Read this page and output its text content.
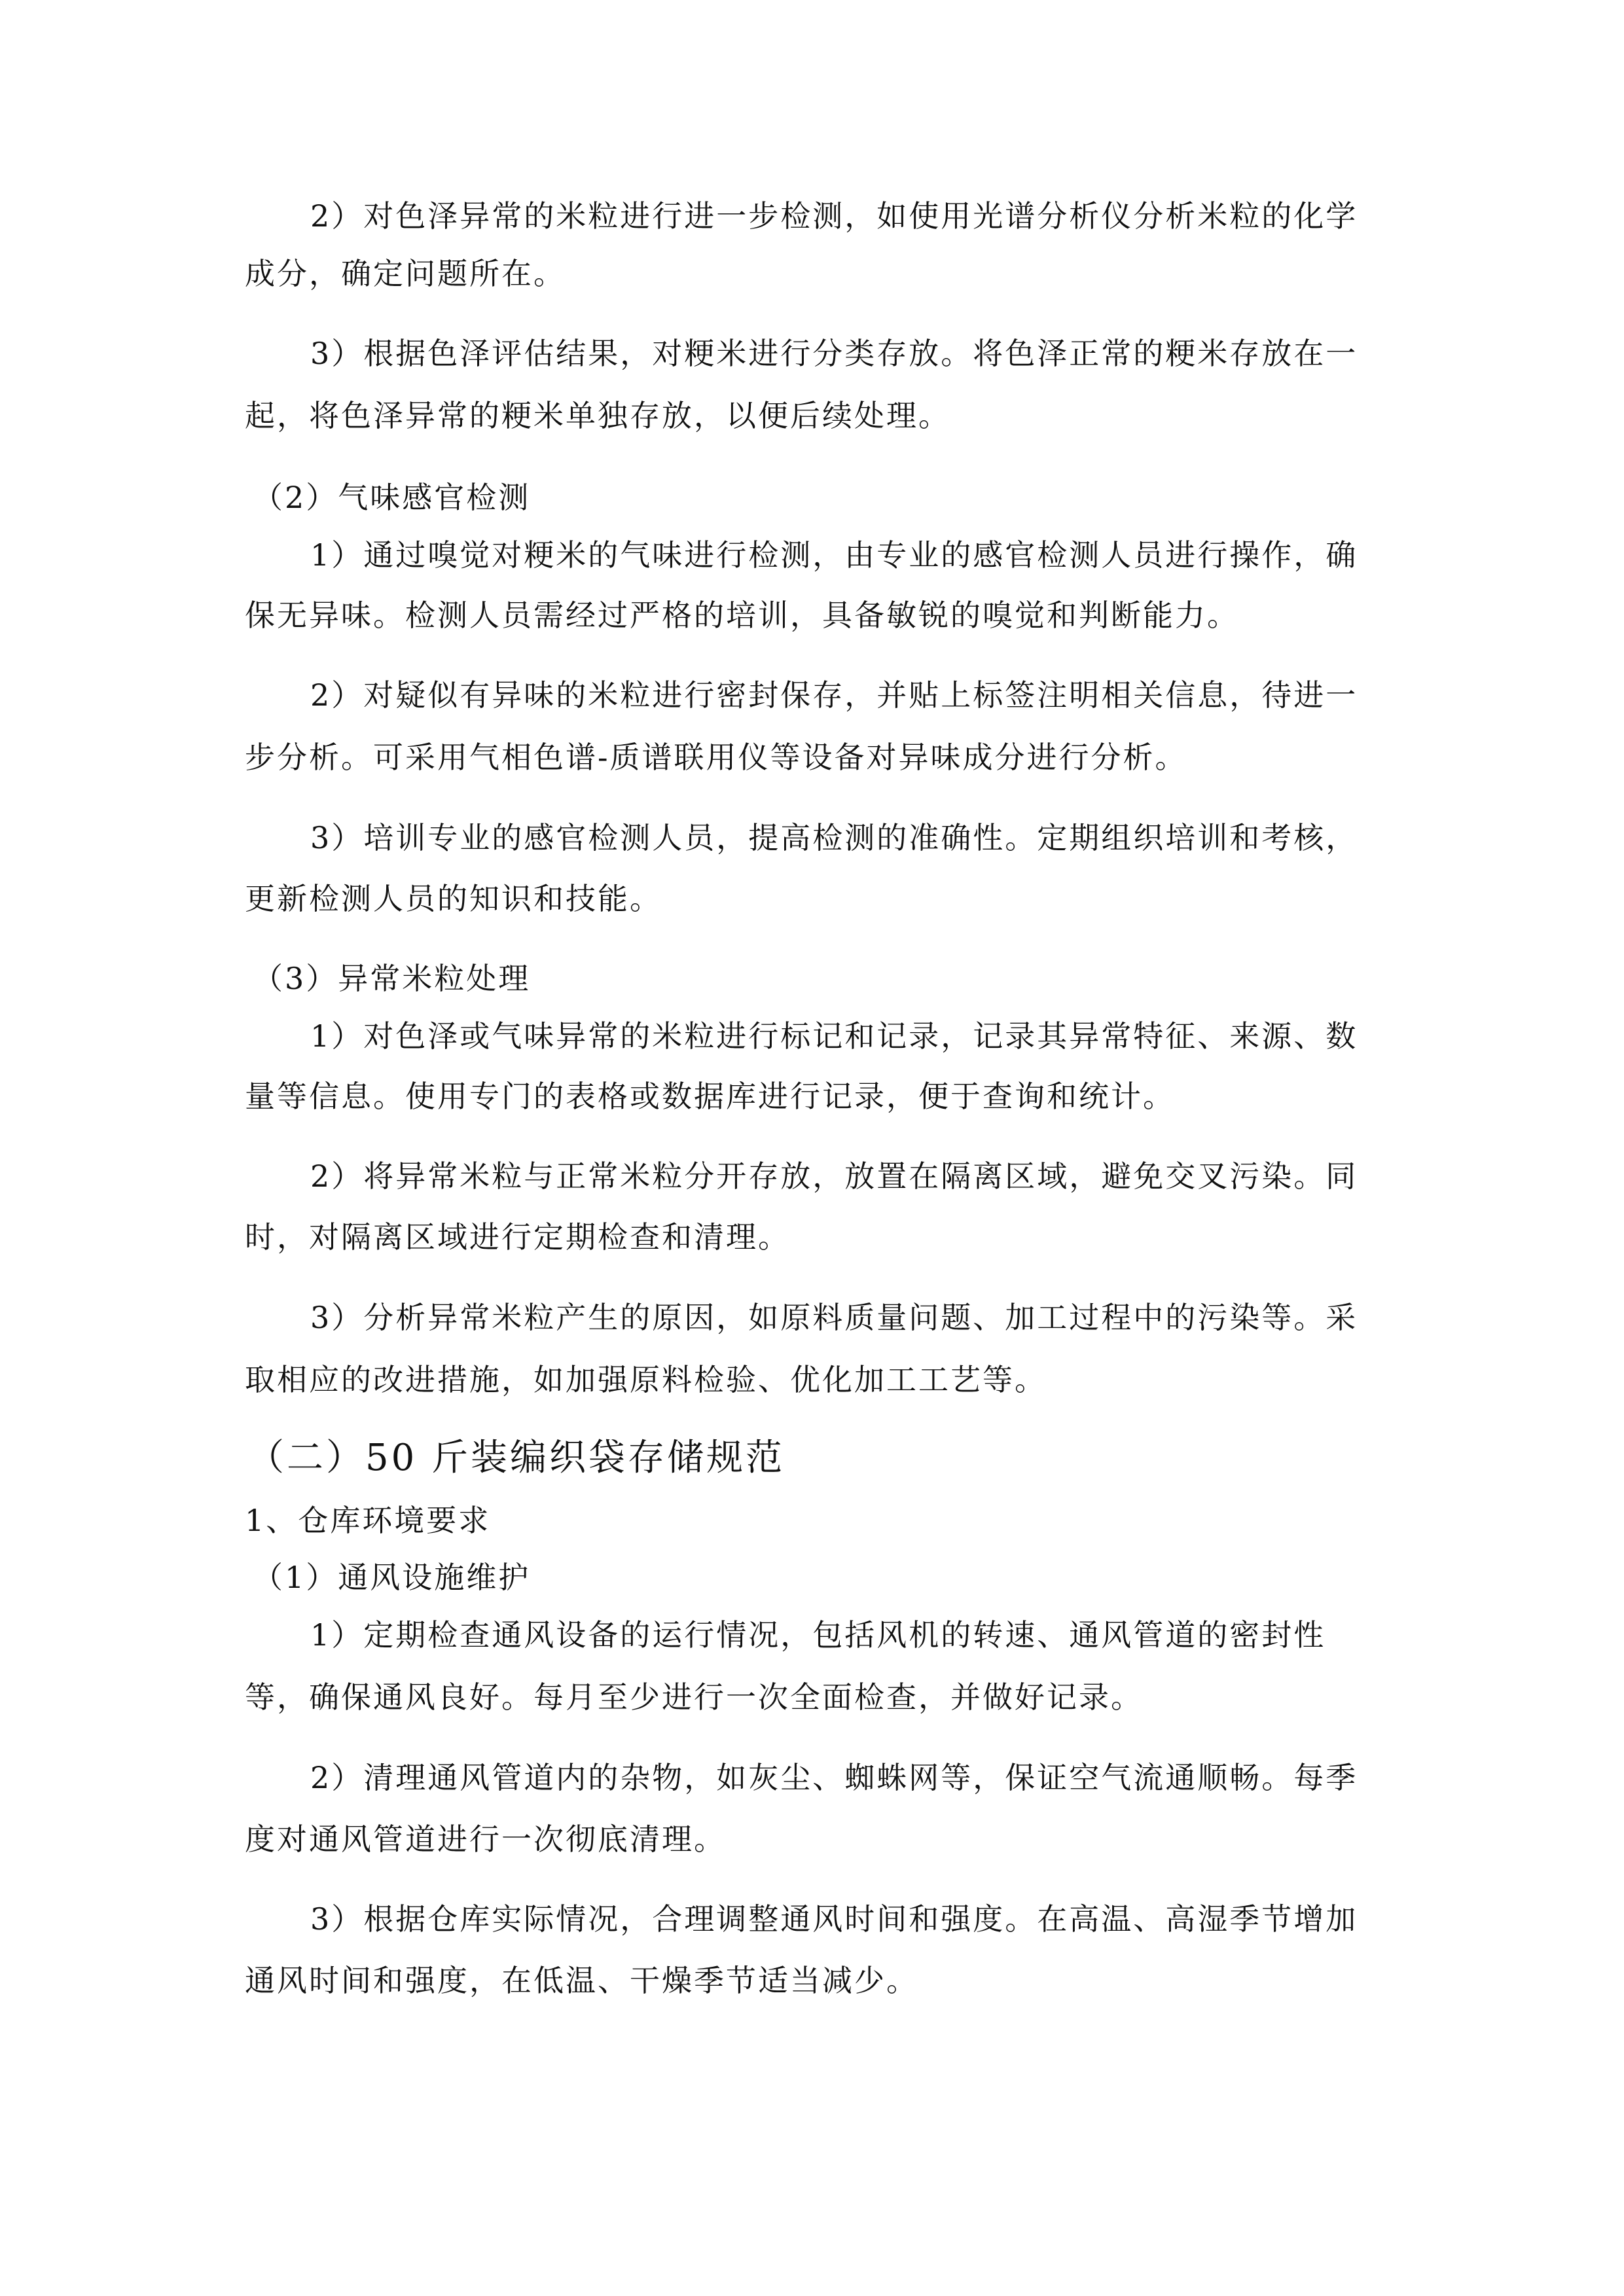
2）对色泽异常的米粒进行进一步检测，如使用光谱分析仪分析米粒的化学
成分，确定问题所在。
3）根据色泽评估结果，对粳米进行分类存放。将色泽正常的粳米存放在一
起，将色泽异常的粳米单独存放，以便后续处理。
（2）气味感官检测
1）通过嗅觉对粳米的气味进行检测，由专业的感官检测人员进行操作，确
保无异味。检测人员需经过严格的培训，具备敏锐的嗅觉和判断能力。
2）对疑似有异味的米粒进行密封保存，并贴上标签注明相关信息，待进一
步分析。可采用气相色谱-质谱联用仪等设备对异味成分进行分析。
3）培训专业的感官检测人员，提高检测的准确性。定期组织培训和考核，
更新检测人员的知识和技能。
（3）异常米粒处理
1）对色泽或气味异常的米粒进行标记和记录，记录其异常特征、来源、数
量等信息。使用专门的表格或数据库进行记录，便于查询和统计。
2）将异常米粒与正常米粒分开存放，放置在隔离区域，避免交叉污染。同
时，对隔离区域进行定期检查和清理。
3）分析异常米粒产生的原因，如原料质量问题、加工过程中的污染等。采
取相应的改进措施，如加强原料检验、优化加工工艺等。
（二）50 斤装编织袋存储规范
1、仓库环境要求
（1）通风设施维护
1）定期检查通风设备的运行情况，包括风机的转速、通风管道的密封性
等，确保通风良好。每月至少进行一次全面检查，并做好记录。
2）清理通风管道内的杂物，如灰尘、蜘蛛网等，保证空气流通顺畅。每季
度对通风管道进行一次彻底清理。
3）根据仓库实际情况，合理调整通风时间和强度。在高温、高湿季节增加
通风时间和强度，在低温、干燥季节适当减少。
